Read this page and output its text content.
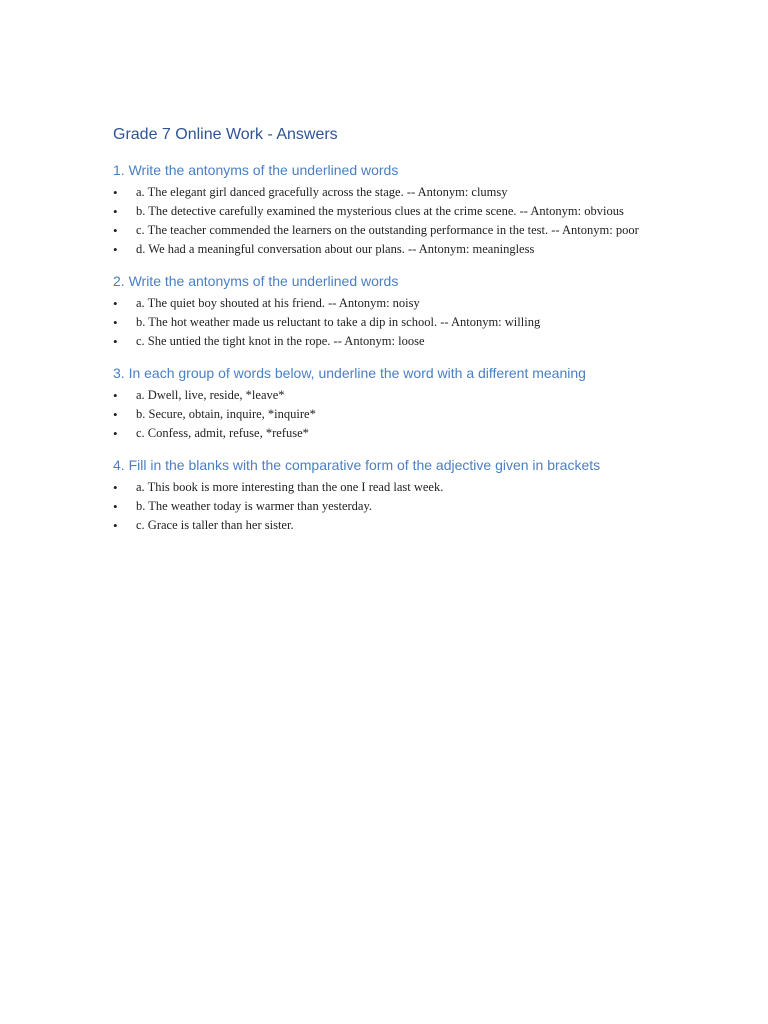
Grade 7 Online Work - Answers
1. Write the antonyms of the underlined words
• a. The elegant girl danced gracefully across the stage. -- Antonym: clumsy
• b. The detective carefully examined the mysterious clues at the crime scene. -- Antonym: obvious
• c. The teacher commended the learners on the outstanding performance in the test. -- Antonym: poor
• d. We had a meaningful conversation about our plans. -- Antonym: meaningless
2. Write the antonyms of the underlined words
• a. The quiet boy shouted at his friend. -- Antonym: noisy
• b. The hot weather made us reluctant to take a dip in school. -- Antonym: willing
• c. She untied the tight knot in the rope. -- Antonym: loose
3. In each group of words below, underline the word with a different meaning
• a. Dwell, live, reside, *leave*
• b. Secure, obtain, inquire, *inquire*
• c. Confess, admit, refuse, *refuse*
4. Fill in the blanks with the comparative form of the adjective given in brackets
• a. This book is more interesting than the one I read last week.
• b. The weather today is warmer than yesterday.
• c. Grace is taller than her sister.
